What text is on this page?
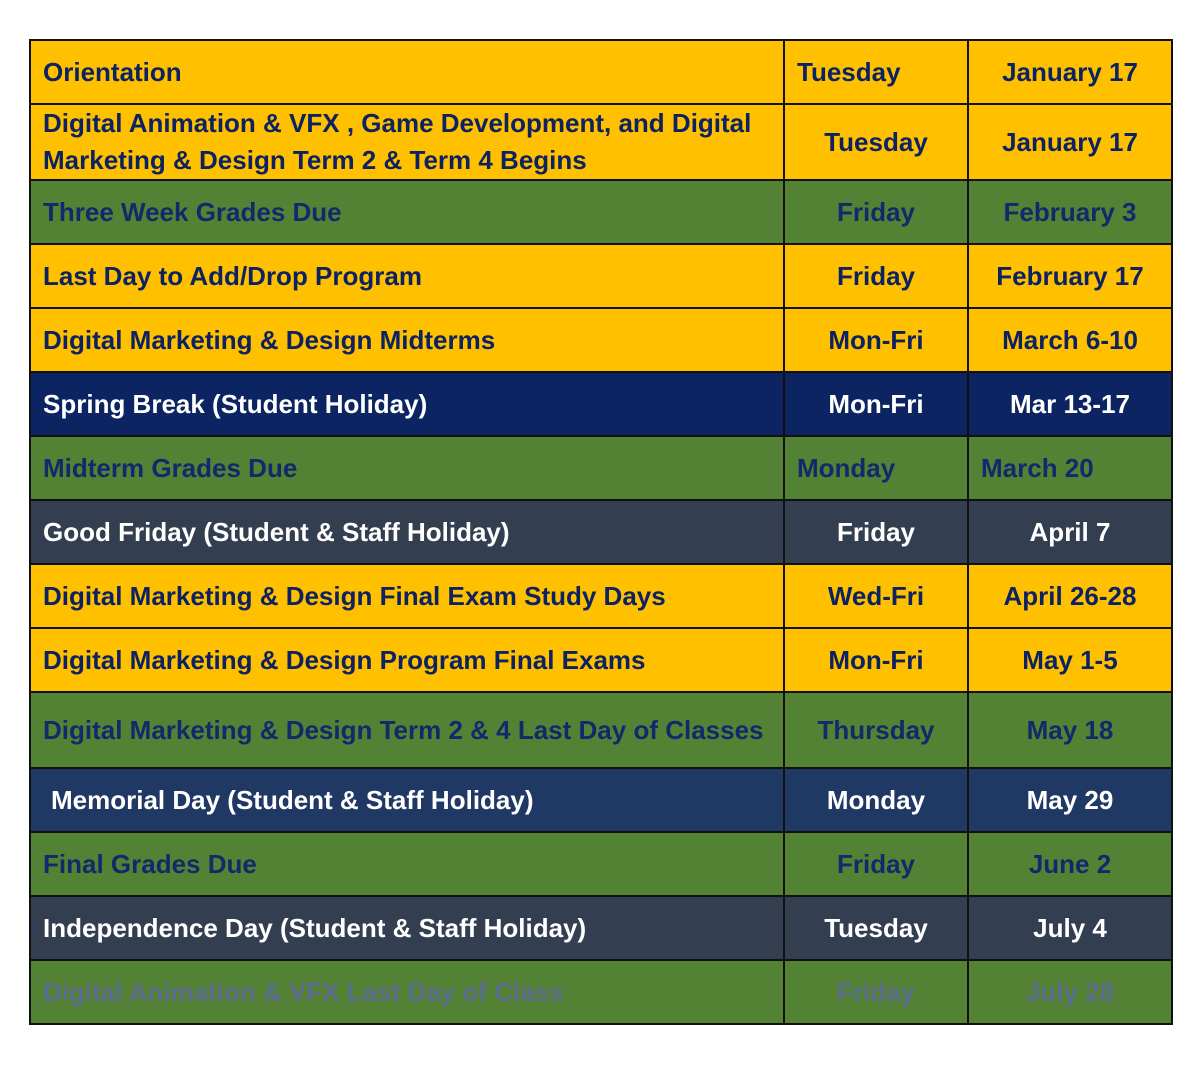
Orientation	Tuesday	January 17
Digital Animation & VFX , Game Development, and Digital Marketing & Design Term 2 & Term 4 Begins	Tuesday	January 17
Three Week Grades Due	Friday	February 3
Last Day to Add/Drop Program	Friday	February 17
Digital Marketing & Design Midterms	Mon-Fri	March 6-10
Spring Break (Student Holiday)	Mon-Fri	Mar 13-17
Midterm Grades Due	Monday	March 20
Good Friday (Student & Staff Holiday)	Friday	April 7
Digital Marketing & Design Final Exam Study Days	Wed-Fri	April 26-28
Digital Marketing & Design Program Final Exams	Mon-Fri	May 1-5
Digital Marketing & Design Term 2 & 4 Last Day of Classes	Thursday	May 18
Memorial Day (Student & Staff Holiday)	Monday	May 29
Final Grades Due	Friday	June 2
Independence Day (Student & Staff Holiday)	Tuesday	July 4
Digital Animation & VFX Last Day of Class	Friday	July 28
